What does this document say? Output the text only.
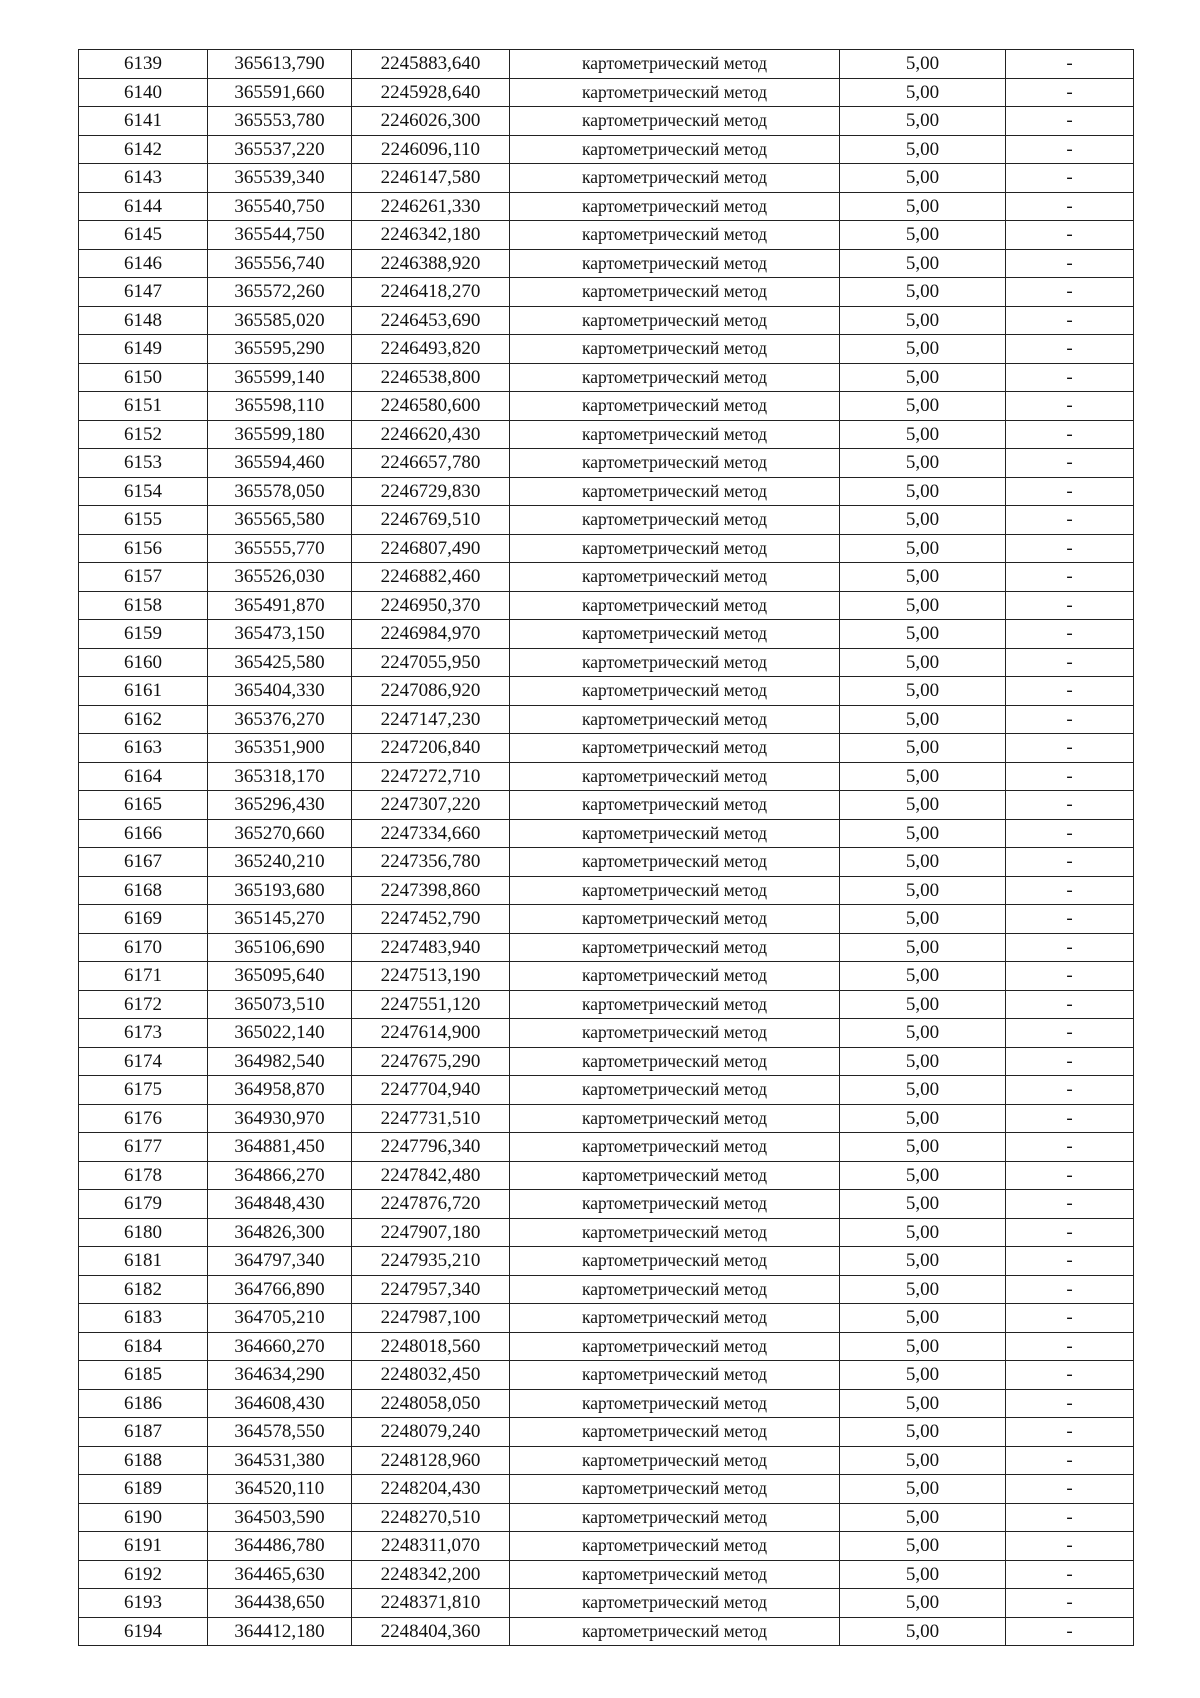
6139	365613,790	2245883,640	картометрический метод	5,00	-
6140	365591,660	2245928,640	картометрический метод	5,00	-
6141	365553,780	2246026,300	картометрический метод	5,00	-
6142	365537,220	2246096,110	картометрический метод	5,00	-
6143	365539,340	2246147,580	картометрический метод	5,00	-
6144	365540,750	2246261,330	картометрический метод	5,00	-
6145	365544,750	2246342,180	картометрический метод	5,00	-
6146	365556,740	2246388,920	картометрический метод	5,00	-
6147	365572,260	2246418,270	картометрический метод	5,00	-
6148	365585,020	2246453,690	картометрический метод	5,00	-
6149	365595,290	2246493,820	картометрический метод	5,00	-
6150	365599,140	2246538,800	картометрический метод	5,00	-
6151	365598,110	2246580,600	картометрический метод	5,00	-
6152	365599,180	2246620,430	картометрический метод	5,00	-
6153	365594,460	2246657,780	картометрический метод	5,00	-
6154	365578,050	2246729,830	картометрический метод	5,00	-
6155	365565,580	2246769,510	картометрический метод	5,00	-
6156	365555,770	2246807,490	картометрический метод	5,00	-
6157	365526,030	2246882,460	картометрический метод	5,00	-
6158	365491,870	2246950,370	картометрический метод	5,00	-
6159	365473,150	2246984,970	картометрический метод	5,00	-
6160	365425,580	2247055,950	картометрический метод	5,00	-
6161	365404,330	2247086,920	картометрический метод	5,00	-
6162	365376,270	2247147,230	картометрический метод	5,00	-
6163	365351,900	2247206,840	картометрический метод	5,00	-
6164	365318,170	2247272,710	картометрический метод	5,00	-
6165	365296,430	2247307,220	картометрический метод	5,00	-
6166	365270,660	2247334,660	картометрический метод	5,00	-
6167	365240,210	2247356,780	картометрический метод	5,00	-
6168	365193,680	2247398,860	картометрический метод	5,00	-
6169	365145,270	2247452,790	картометрический метод	5,00	-
6170	365106,690	2247483,940	картометрический метод	5,00	-
6171	365095,640	2247513,190	картометрический метод	5,00	-
6172	365073,510	2247551,120	картометрический метод	5,00	-
6173	365022,140	2247614,900	картометрический метод	5,00	-
6174	364982,540	2247675,290	картометрический метод	5,00	-
6175	364958,870	2247704,940	картометрический метод	5,00	-
6176	364930,970	2247731,510	картометрический метод	5,00	-
6177	364881,450	2247796,340	картометрический метод	5,00	-
6178	364866,270	2247842,480	картометрический метод	5,00	-
6179	364848,430	2247876,720	картометрический метод	5,00	-
6180	364826,300	2247907,180	картометрический метод	5,00	-
6181	364797,340	2247935,210	картометрический метод	5,00	-
6182	364766,890	2247957,340	картометрический метод	5,00	-
6183	364705,210	2247987,100	картометрический метод	5,00	-
6184	364660,270	2248018,560	картометрический метод	5,00	-
6185	364634,290	2248032,450	картометрический метод	5,00	-
6186	364608,430	2248058,050	картометрический метод	5,00	-
6187	364578,550	2248079,240	картометрический метод	5,00	-
6188	364531,380	2248128,960	картометрический метод	5,00	-
6189	364520,110	2248204,430	картометрический метод	5,00	-
6190	364503,590	2248270,510	картометрический метод	5,00	-
6191	364486,780	2248311,070	картометрический метод	5,00	-
6192	364465,630	2248342,200	картометрический метод	5,00	-
6193	364438,650	2248371,810	картометрический метод	5,00	-
6194	364412,180	2248404,360	картометрический метод	5,00	-
